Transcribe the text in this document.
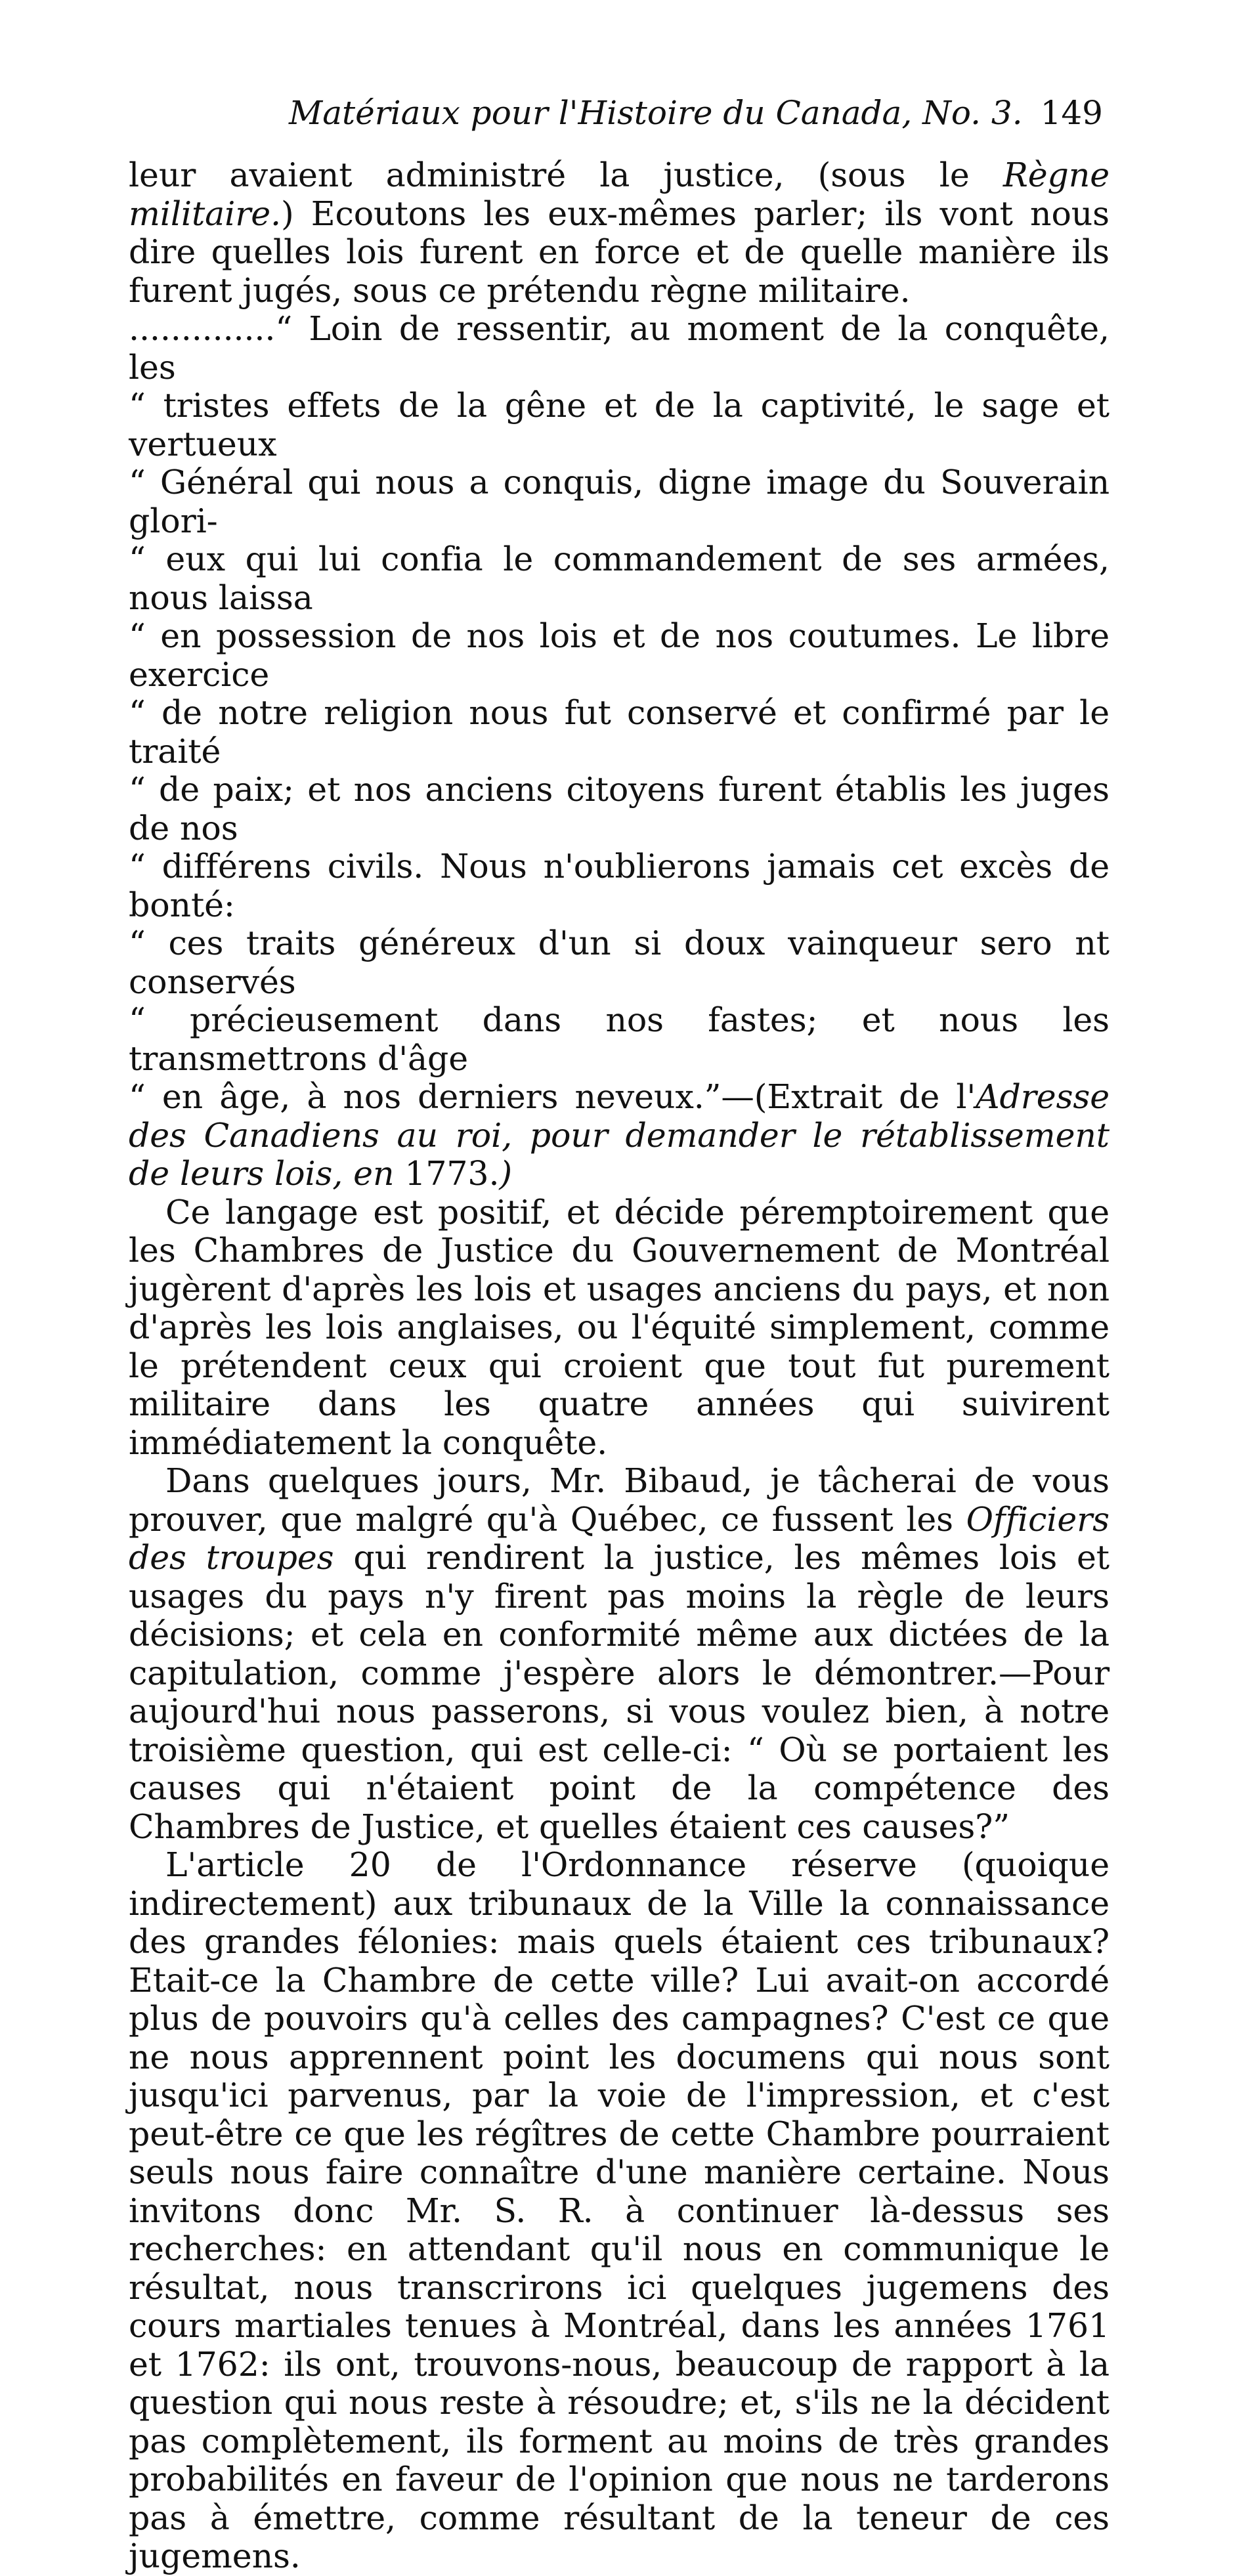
Matériaux pour l'Histoire du Canada, No. 3. 149

leur avaient administré la justice, (sous le Règne militaire.) Ecoutons les eux-mêmes parler; ils vont nous dire quelles lois furent en force et de quelle manière ils furent jugés, sous ce prétendu règne militaire.

..............“ Loin de ressentir, au moment de la conquête, les
“ tristes effets de la gêne et de la captivité, le sage et vertueux
“ Général qui nous a conquis, digne image du Souverain glori-
“ eux qui lui confia le commandement de ses armées, nous laissa
“ en possession de nos lois et de nos coutumes. Le libre exercice
“ de notre religion nous fut conservé et confirmé par le traité
“ de paix; et nos anciens citoyens furent établis les juges de nos
“ différens civils. Nous n'oublierons jamais cet excès de bonté:
“ ces traits généreux d'un si doux vainqueur sero nt conservés
“ précieusement dans nos fastes; et nous les transmettrons d'âge
“ en âge, à nos derniers neveux.”—(Extrait de l'Adresse des Canadiens au roi, pour demander le rétablissement de leurs lois, en 1773.)

Ce langage est positif, et décide péremptoirement que les Chambres de Justice du Gouvernement de Montréal jugèrent d'après les lois et usages anciens du pays, et non d'après les lois anglaises, ou l'équité simplement, comme le prétendent ceux qui croient que tout fut purement militaire dans les quatre années qui suivirent immédiatement la conquête.

Dans quelques jours, Mr. Bibaud, je tâcherai de vous prouver, que malgré qu'à Québec, ce fussent les Officiers des troupes qui rendirent la justice, les mêmes lois et usages du pays n'y firent pas moins la règle de leurs décisions; et cela en conformité même aux dictées de la capitulation, comme j'espère alors le démontrer.—Pour aujourd'hui nous passerons, si vous voulez bien, à notre troisième question, qui est celle-ci: “ Où se portaient les causes qui n'étaient point de la compétence des Chambres de Justice, et quelles étaient ces causes?”

L'article 20 de l'Ordonnance réserve (quoique indirectement) aux tribunaux de la Ville la connaissance des grandes félonies: mais quels étaient ces tribunaux? Etait-ce la Chambre de cette ville? Lui avait-on accordé plus de pouvoirs qu'à celles des campagnes? C'est ce que ne nous apprennent point les documens qui nous sont jusqu'ici parvenus, par la voie de l'impression, et c'est peut-être ce que les régîtres de cette Chambre pourraient seuls nous faire connaître d'une manière certaine. Nous invitons donc Mr. S. R. à continuer là-dessus ses recherches: en attendant qu'il nous en communique le résultat, nous transcrirons ici quelques jugemens des cours martiales tenues à Montréal, dans les années 1761 et 1762: ils ont, trouvons-nous, beaucoup de rapport à la question qui nous reste à résoudre; et, s'ils ne la décident pas complètement, ils forment au moins de très grandes probabilités en faveur de l'opinion que nous ne tarderons pas à émettre, comme résultant de la teneur de ces jugemens.
